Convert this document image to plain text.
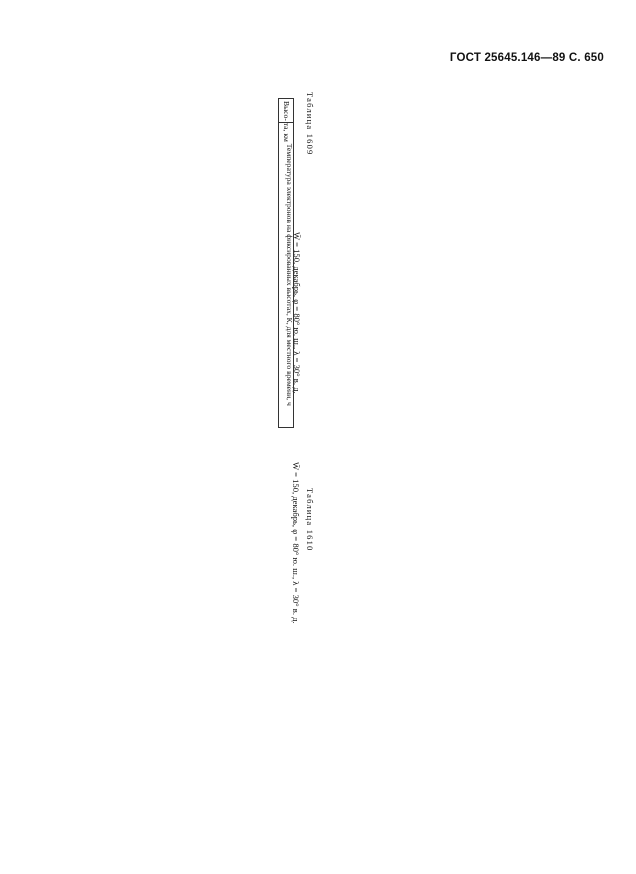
ГОСТ 25645.146—89 С. 650
Таблица 1609
W̄ = 150, декабрь, φ = 80° ю. ш., λ = 30° в. д.
Высо- та, км	Температура электронов на фиксированных высотах, К, для местного времени, ч
Таблица 1610
W̄ = 150, декабрь, φ = 80° ю. ш., λ = 30° в. д.
